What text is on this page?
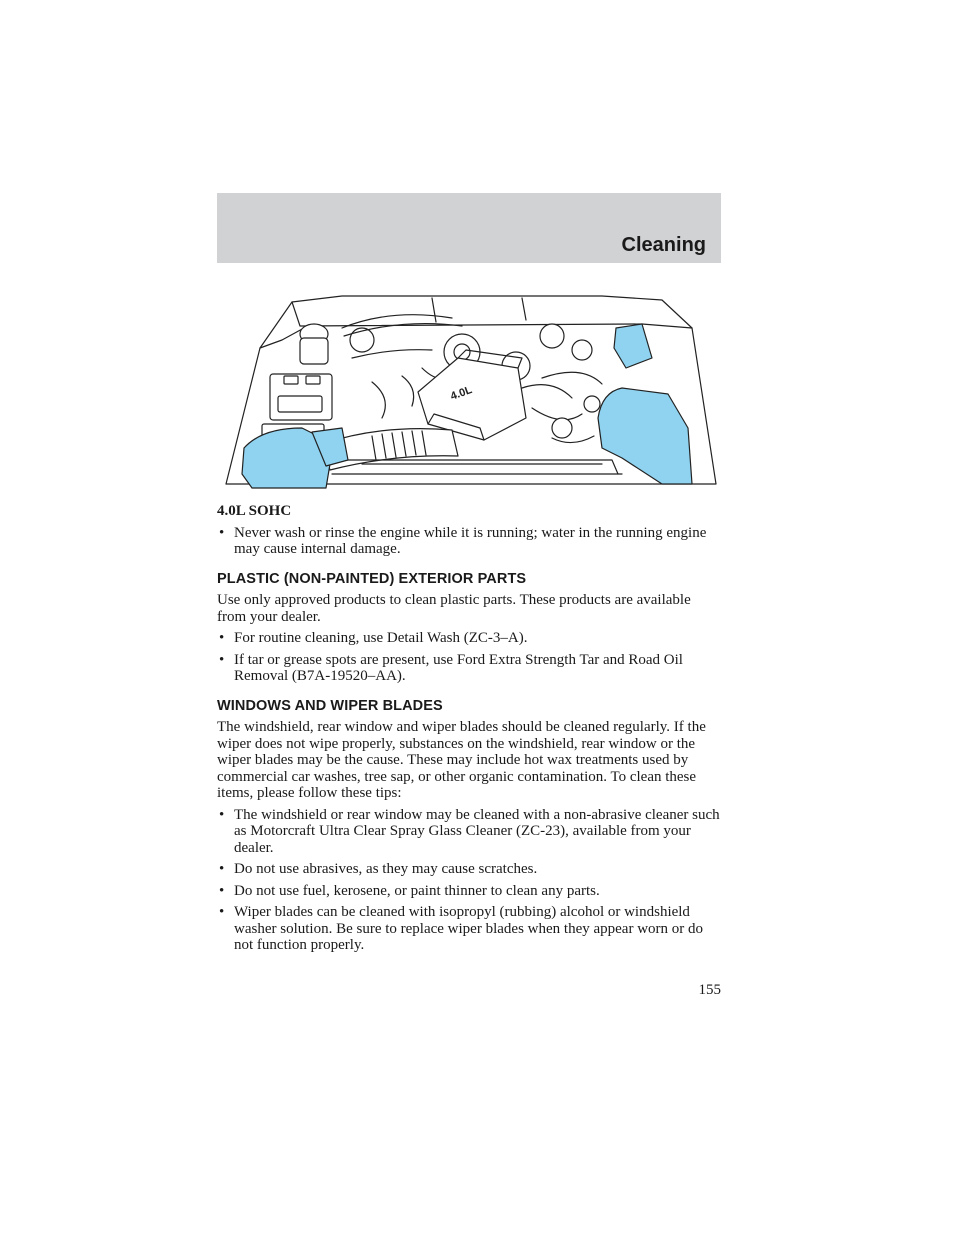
Cleaning
4.0L
4.0L SOHC
• Never wash or rinse the engine while it is running; water in the running engine may cause internal damage.
PLASTIC (NON-PAINTED) EXTERIOR PARTS
Use only approved products to clean plastic parts. These products are available from your dealer.
• For routine cleaning, use Detail Wash (ZC-3–A).
• If tar or grease spots are present, use Ford Extra Strength Tar and Road Oil Removal (B7A-19520–AA).
WINDOWS AND WIPER BLADES
The windshield, rear window and wiper blades should be cleaned regularly. If the wiper does not wipe properly, substances on the windshield, rear window or the wiper blades may be the cause. These may include hot wax treatments used by commercial car washes, tree sap, or other organic contamination. To clean these items, please follow these tips:
• The windshield or rear window may be cleaned with a non-abrasive cleaner such as Motorcraft Ultra Clear Spray Glass Cleaner (ZC-23), available from your dealer.
• Do not use abrasives, as they may cause scratches.
• Do not use fuel, kerosene, or paint thinner to clean any parts.
• Wiper blades can be cleaned with isopropyl (rubbing) alcohol or windshield washer solution. Be sure to replace wiper blades when they appear worn or do not function properly.
155
